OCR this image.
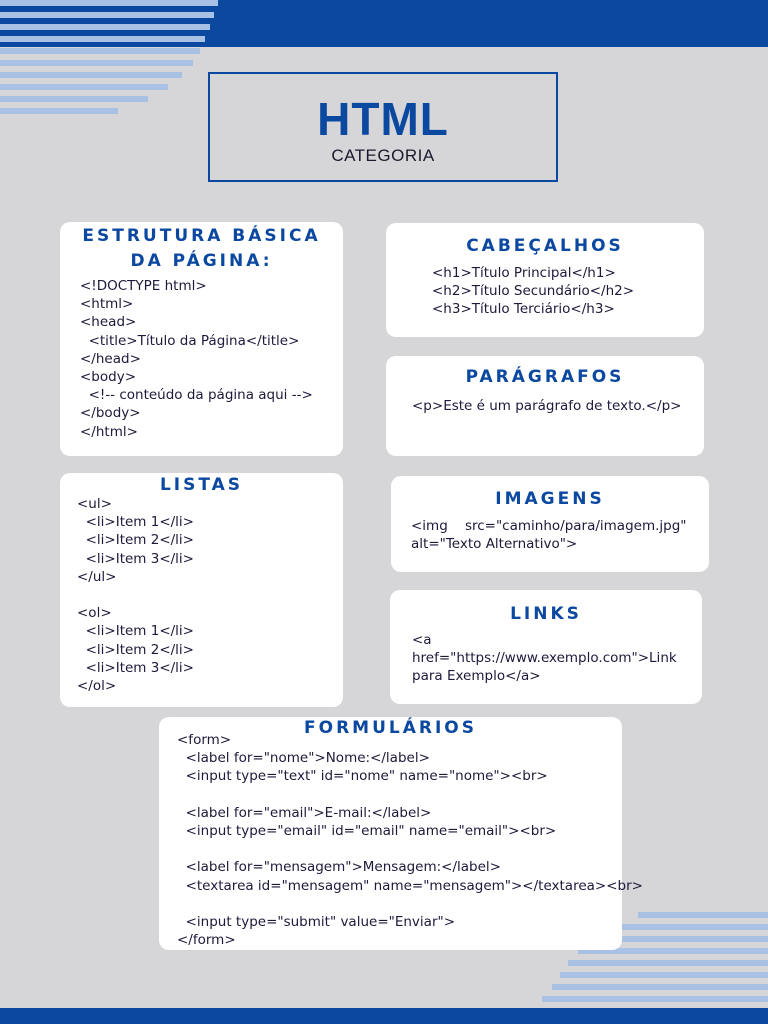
HTML
CATEGORIA
ESTRUTURA BÁSICA DA PÁGINA:
<!DOCTYPE html>
<html>
<head>
<title>Título da Página</title>
</head>
<body>
<!-- conteúdo da página aqui -->
</body>
</html>
CABEÇALHOS
<h1>Título Principal</h1>
<h2>Título Secundário</h2>
<h3>Título Terciário</h3>
PARÁGRAFOS
<p>Este é um parágrafo de texto.</p>
LISTAS
<ul>
<li>Item 1</li>
<li>Item 2</li>
<li>Item 3</li>
</ul>

<ol>
<li>Item 1</li>
<li>Item 2</li>
<li>Item 3</li>
</ol>
IMAGENS
<img    src="caminho/para/imagem.jpg"
alt="Texto Alternativo">
LINKS
<a
href="https://www.exemplo.com">Link
para Exemplo</a>
FORMULÁRIOS
<form>
<label for="nome">Nome:</label>
<input type="text" id="nome" name="nome"><br>

<label for="email">E-mail:</label>
<input type="email" id="email" name="email"><br>

<label for="mensagem">Mensagem:</label>
<textarea id="mensagem" name="mensagem"></textarea><br>

<input type="submit" value="Enviar">
</form>
